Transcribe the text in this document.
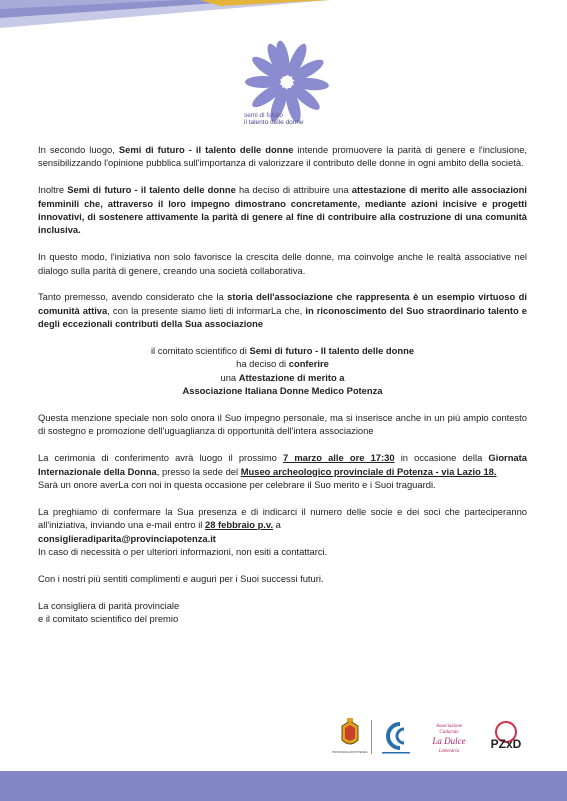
semi di futuro
il talento delle donne

In secondo luogo, Semi di futuro - il talento delle donne intende promuovere la parità di genere e l'inclusione, sensibilizzando l'opinione pubblica sull'importanza di valorizzare il contributo delle donne in ogni ambito della società.

Inoltre Semi di futuro - il talento delle donne ha deciso di attribuire una attestazione di merito alle associazioni femminili che, attraverso il loro impegno dimostrano concretamente, mediante azioni incisive e progetti innovativi, di sostenere attivamente la parità di genere al fine di contribuire alla costruzione di una comunità inclusiva.

In questo modo, l'iniziativa non solo favorisce la crescita delle donne, ma coinvolge anche le realtà associative nel dialogo sulla parità di genere, creando una società collaborativa.

Tanto premesso, avendo considerato che la storia dell'associazione che rappresenta è un esempio virtuoso di comunità attiva, con la presente siamo lieti di informarLa che, in riconoscimento del Suo straordinario talento e degli eccezionali contributi della Sua associazione

il comitato scientifico di Semi di futuro - Il talento delle donne
ha deciso di conferire
una Attestazione di merito a
Associazione Italiana Donne Medico Potenza

Questa menzione speciale non solo onora il Suo impegno personale, ma si inserisce anche in un più ampio contesto di sostegno e promozione dell'uguaglianza di opportunità dell'intera associazione

La cerimonia di conferimento avrà luogo il prossimo 7 marzo alle ore 17:30 in occasione della Giornata Internazionale della Donna, presso la sede del Museo archeologico provinciale di Potenza - via Lazio 18.
Sarà un onore averLa con noi in questa occasione per celebrare il Suo merito e i Suoi traguardi.

La preghiamo di confermare la Sua presenza e di indicarci il numero delle socie e dei soci che parteciperanno all'iniziativa, inviando una e-mail entro il 28 febbraio p.v. a
consiglieradiparita@provinciapotenza.it
In caso di necessità o per ulteriori informazioni, non esiti a contattarci.

Con i nostri più sentiti complimenti e auguri per i Suoi successi futuri.

La consigliera di parità provinciale

e il comitato scientifico del premio

PROVINCIA DI POTENZA
Associazione
Culturale
La Dulce
Letteraria
PZxD
